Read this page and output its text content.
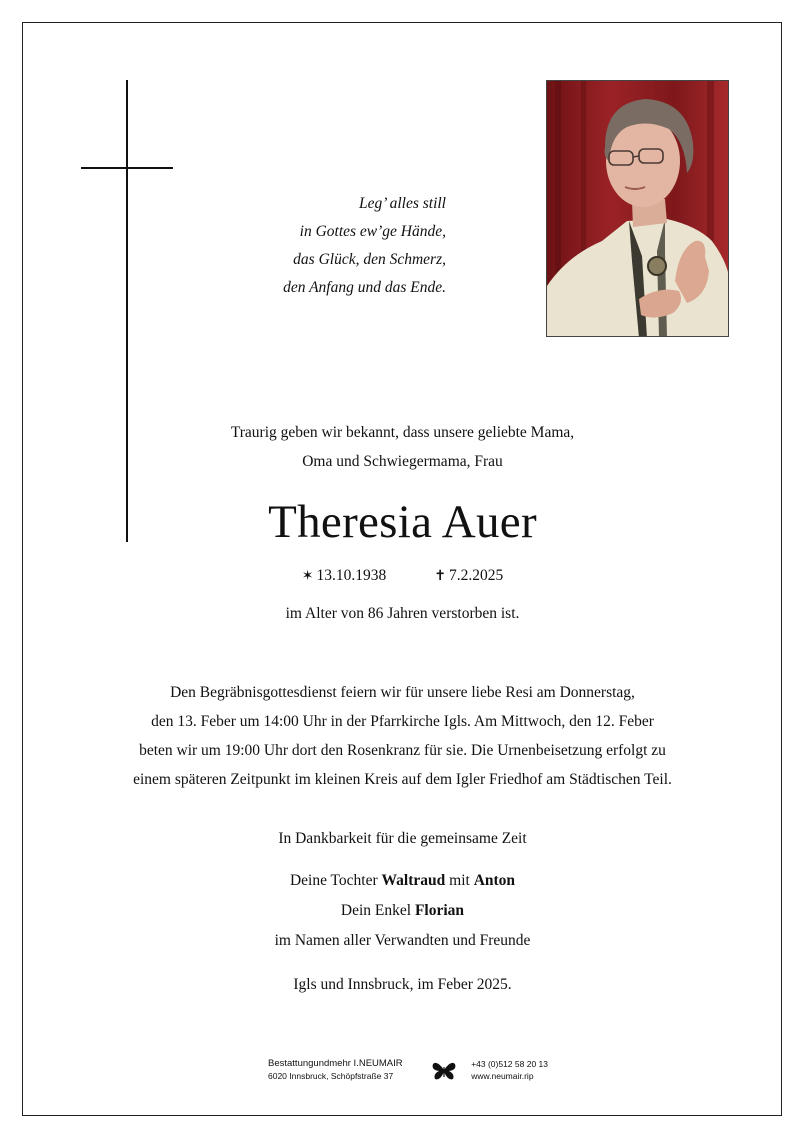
Leg’ alles still
in Gottes ew’ge Hände,
das Glück, den Schmerz,
den Anfang und das Ende.
Traurig geben wir bekannt, dass unsere geliebte Mama,
Oma und Schwiegermama, Frau
Theresia Auer
✶ 13.10.1938	✝ 7.2.2025
im Alter von 86 Jahren verstorben ist.
Den Begräbnisgottesdienst feiern wir für unsere liebe Resi am Donnerstag,
den 13. Feber um 14:00 Uhr in der Pfarrkirche Igls. Am Mittwoch, den 12. Feber
beten wir um 19:00 Uhr dort den Rosenkranz für sie. Die Urnenbeisetzung erfolgt zu
einem späteren Zeitpunkt im kleinen Kreis auf dem Igler Friedhof am Städtischen Teil.
In Dankbarkeit für die gemeinsame Zeit
Deine Tochter Waltraud mit Anton
Dein Enkel Florian
im Namen aller Verwandten und Freunde
Igls und Innsbruck, im Feber 2025.
Bestattungundmehr I.NEUMAIR
6020 Innsbruck, Schöpfstraße 37
+43 (0)512 58 20 13
www.neumair.rip
